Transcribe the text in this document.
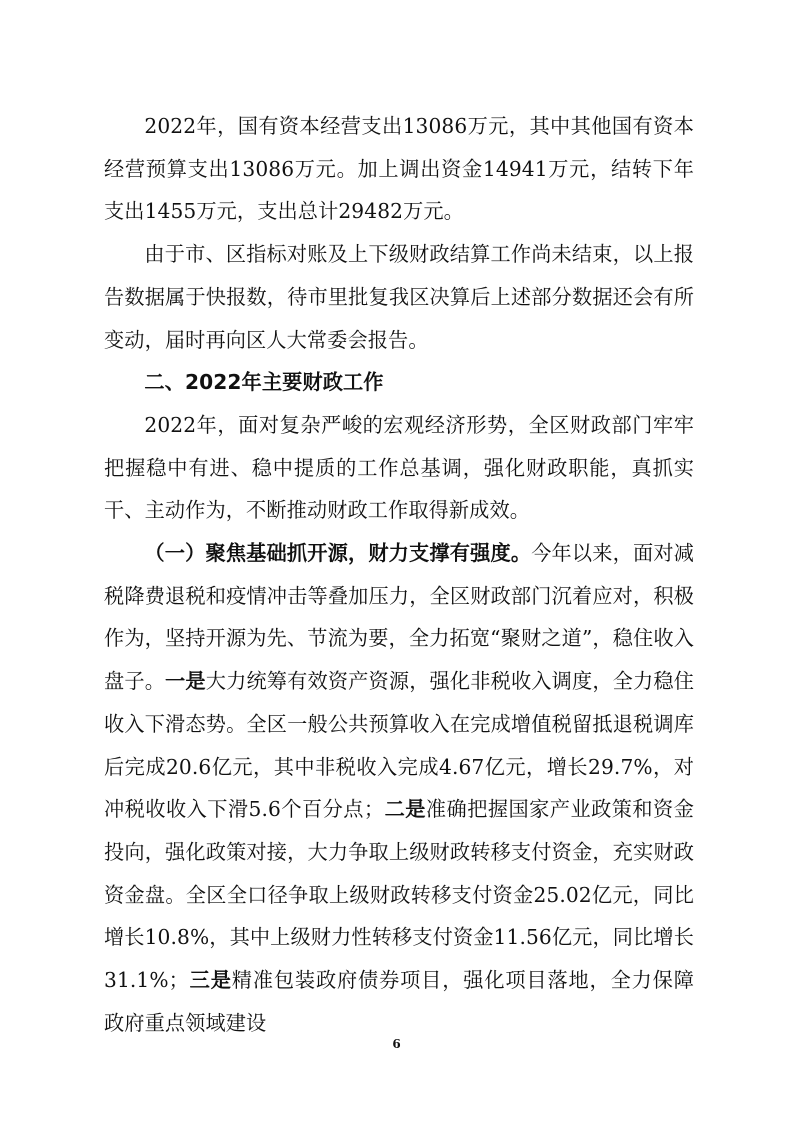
2022年，国有资本经营支出13086万元，其中其他国有资本经营预算支出13086万元。加上调出资金14941万元，结转下年支出1455万元，支出总计29482万元。

由于市、区指标对账及上下级财政结算工作尚未结束，以上报告数据属于快报数，待市里批复我区决算后上述部分数据还会有所变动，届时再向区人大常委会报告。

二、2022年主要财政工作

2022年，面对复杂严峻的宏观经济形势，全区财政部门牢牢把握稳中有进、稳中提质的工作总基调，强化财政职能，真抓实干、主动作为，不断推动财政工作取得新成效。

（一）聚焦基础抓开源，财力支撑有强度。今年以来，面对减税降费退税和疫情冲击等叠加压力，全区财政部门沉着应对，积极作为，坚持开源为先、节流为要，全力拓宽“聚财之道”，稳住收入盘子。一是大力统筹有效资产资源，强化非税收入调度，全力稳住收入下滑态势。全区一般公共预算收入在完成增值税留抵退税调库后完成20.6亿元，其中非税收入完成4.67亿元，增长29.7%，对冲税收收入下滑5.6个百分点；二是准确把握国家产业政策和资金投向，强化政策对接，大力争取上级财政转移支付资金，充实财政资金盘。全区全口径争取上级财政转移支付资金25.02亿元，同比增长10.8%，其中上级财力性转移支付资金11.56亿元，同比增长31.1%；三是精准包装政府债券项目，强化项目落地，全力保障政府重点领域建设

6
